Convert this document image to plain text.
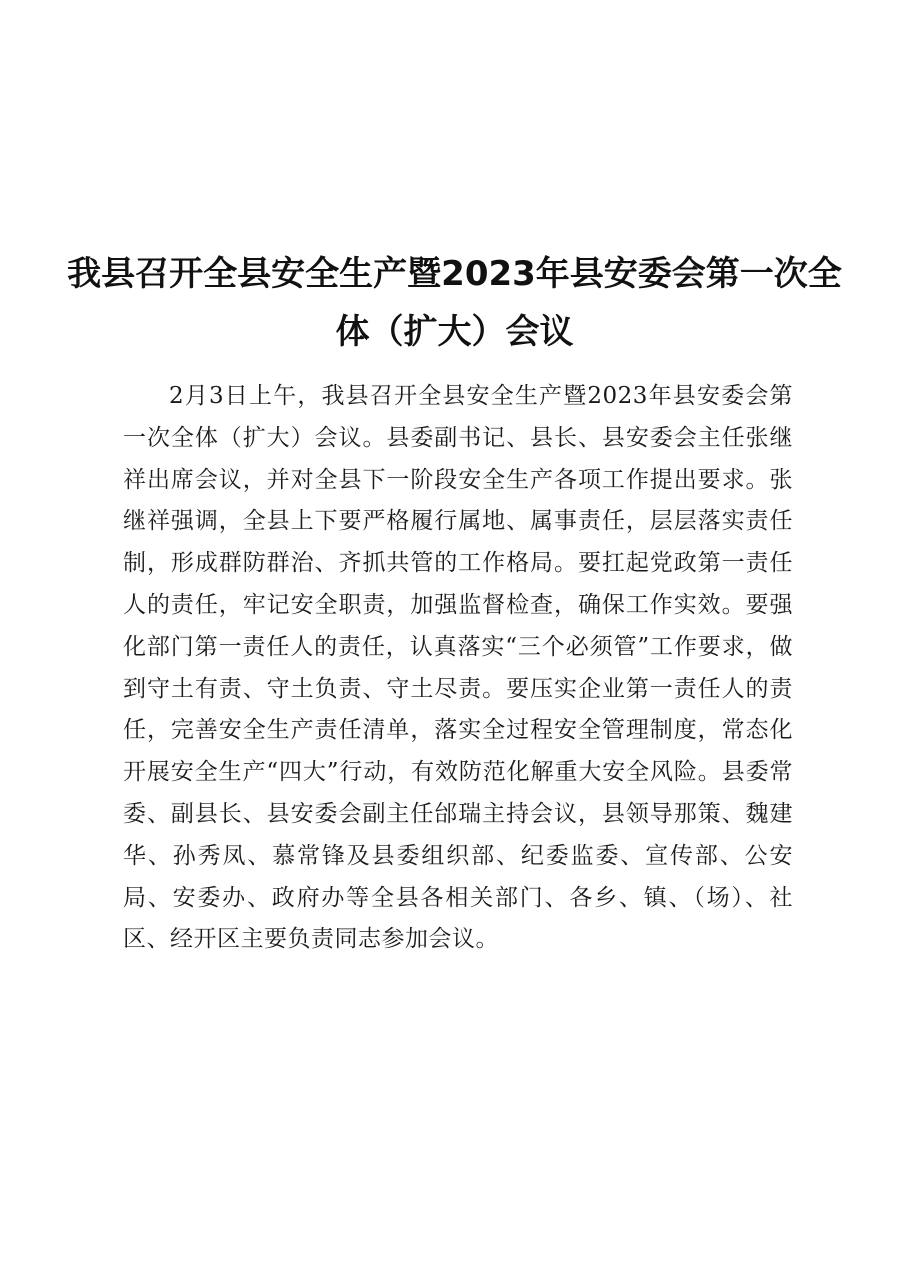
我县召开全县安全生产暨2023年县安委会第一次全体（扩大）会议

2月3日上午，我县召开全县安全生产暨2023年县安委会第一次全体（扩大）会议。县委副书记、县长、县安委会主任张继祥出席会议，并对全县下一阶段安全生产各项工作提出要求。张继祥强调，全县上下要严格履行属地、属事责任，层层落实责任制，形成群防群治、齐抓共管的工作格局。要扛起党政第一责任人的责任，牢记安全职责，加强监督检查，确保工作实效。要强化部门第一责任人的责任，认真落实“三个必须管”工作要求，做到守土有责、守土负责、守土尽责。要压实企业第一责任人的责任，完善安全生产责任清单，落实全过程安全管理制度，常态化开展安全生产“四大”行动，有效防范化解重大安全风险。县委常委、副县长、县安委会副主任邰瑞主持会议，县领导那策、魏建华、孙秀凤、慕常锋及县委组织部、纪委监委、宣传部、公安局、安委办、政府办等全县各相关部门、各乡、镇、（场）、社区、经开区主要负责同志参加会议。
